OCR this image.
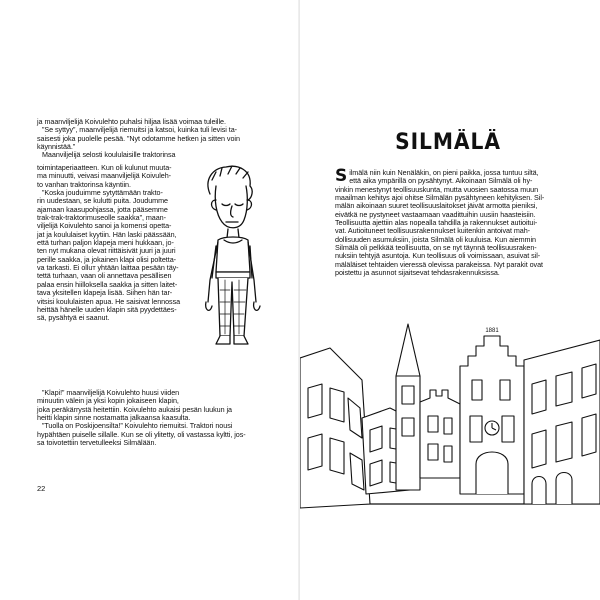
ja maanviljelijä Koivulehto puhalsi hiljaa lisää voimaa tuleille.

”Se syttyy”, maanviljelijä riemuitsi ja katsoi, kuinka tuli levisi ta-

saisesti joka puolelle pesää. ”Nyt odotamme hetken ja sitten voin

käynnistää.”

Maanviljelijä selosti koululaisille traktorinsa

toimintaperiaatteen. Kun oli kulunut muuta-

ma minuutti, veivasi maanviljelijä Koivuleh-

to vanhan traktorinsa käyntiin.

”Koska jouduimme sytyttämään trakto-

rin uudestaan, se kulutti puita. Joudumme

ajamaan kaasupohjassa, jotta pääsemme

trak-trak-traktorimuseolle saakka”, maan-

viljelijä Koivulehto sanoi ja komensi opetta-

jat ja koululaiset kyytiin. Hän laski päässään,

että turhan paljon klapeja meni hukkaan, jo-

ten nyt mukana olevat riittäisivät juuri ja juuri

perille saakka, ja jokainen klapi olisi poltetta-

va tarkasti. Ei olluт yhtään laittaa pesään täy-

tettä turhaan, vaan oli annettava pesällisen

palaa ensin hiilloksella saakka ja sitten laitet-

tava yksitellen klapeja lisää. Siihen hän tar-

vitsisi koululaisten apua. He saisivat lennossa

heittää hänelle uuden klapin sitä pyydettäes-

sä, pysähtyä ei saanut.

”Klapi!” maanviljelijä Koivulehto huusi viiden

minuutin välein ja yksi kopin jokaiseen klapin,

joka peräkärrystä heitettiin. Koivulehto aukaisi pesän luukun ja

heitti klapin sinne nostamatta jalkaansa kaasulta.

”Tuolla on Poskijoensilta!” Koivulehto riemuitsi. Traktori nousi

hypähtäen puiselle sillalle. Kun se oli ylitetty, oli vastassa kyltti, jos-

sa toivotettiin tervetulleeksi Silmälään.

22
SILMÄLÄ
S ilmälä niin kuin Nenäläkin, on pieni paikka, jossa tuntuu siltä,

että aika ympärillä on pysähtynyt. Aikoinaan Silmälä oli hy-

vinkin menestynyt teollisuuskunta, mutta vuosien saatossa muun

maailman kehitys ajoi ohitse Silmälän pysähtyneen kehityksen. Sil-

mälän aikoinaan suuret teollisuuslaitokset jäivät armotta pieniksi,

eivätkä ne pystyneet vastaamaan vaadittuihin uusiin haasteisiin.

Teollisuutta ajettiin alas nopealla tahdilla ja rakennukset autioitui-

vat. Autioituneet teollisuusrakennukset kuitenkin antoivat mah-

dollisuuden asumuksiin, joista Silmälä oli kuuluisa. Kun aiemmin

Silmälä oli pelkkää teollisuutta, on se nyt täynnä teollisuusraken-

nuksiin tehtyjä asuntoja. Kun teollisuus oli voimissaan, asuivat sil-

mäläläiset tehtaiden vieressä olevissa parakeissa. Nyt parakit ovat

poistettu ja asunnot sijaitsevat tehdasrakennuksissa.

1881
